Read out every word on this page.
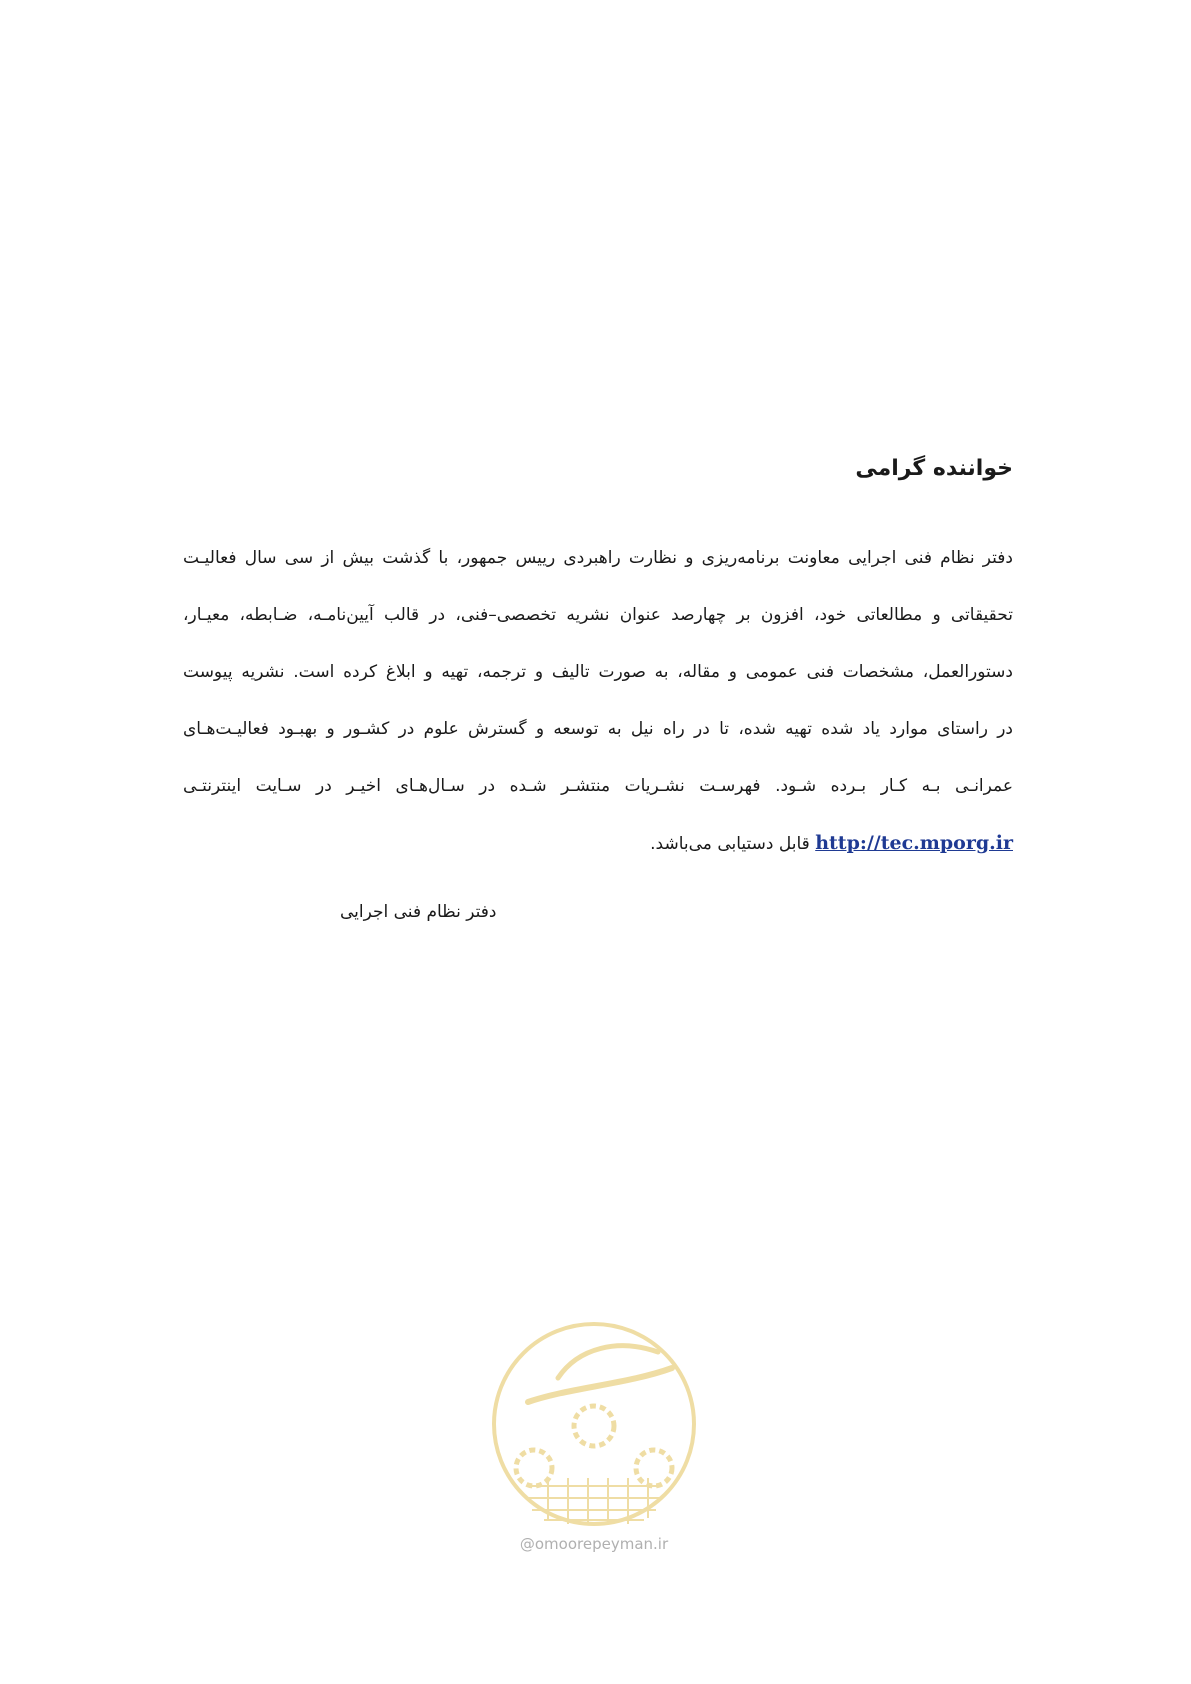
خواننده گرامی
دفتر نظام فنی اجرایی معاونت برنامه‌ریزی و نظارت راهبردی رییس جمهور، با گذشت بیش از سی سال فعالیـت
تحقیقاتی و مطالعاتی خود، افزون بر چهارصد عنوان نشریه تخصصی–فنی، در قالب آیین‌نامـه، ضـابطه، معیـار،
دستورالعمل، مشخصات فنی عمومی و مقاله، به صورت تالیف و ترجمه، تهیه و ابلاغ کرده است. نشریه پیوست
در راستای موارد یاد شده تهیه شده، تا در راه نیل به توسعه و گسترش علوم در کشـور و بهبـود فعالیـت‌هـای
عمرانـی بـه کـار بـرده شـود. فهرسـت نشـریات منتشـر شـده در سـال‌هـای اخیـر در سـایت اینترنتـی
http://tec.mporg.ir قابل دستیابی می‌باشد.

دفتر نظام فنی اجرایی

@omoorepeyman.ir
